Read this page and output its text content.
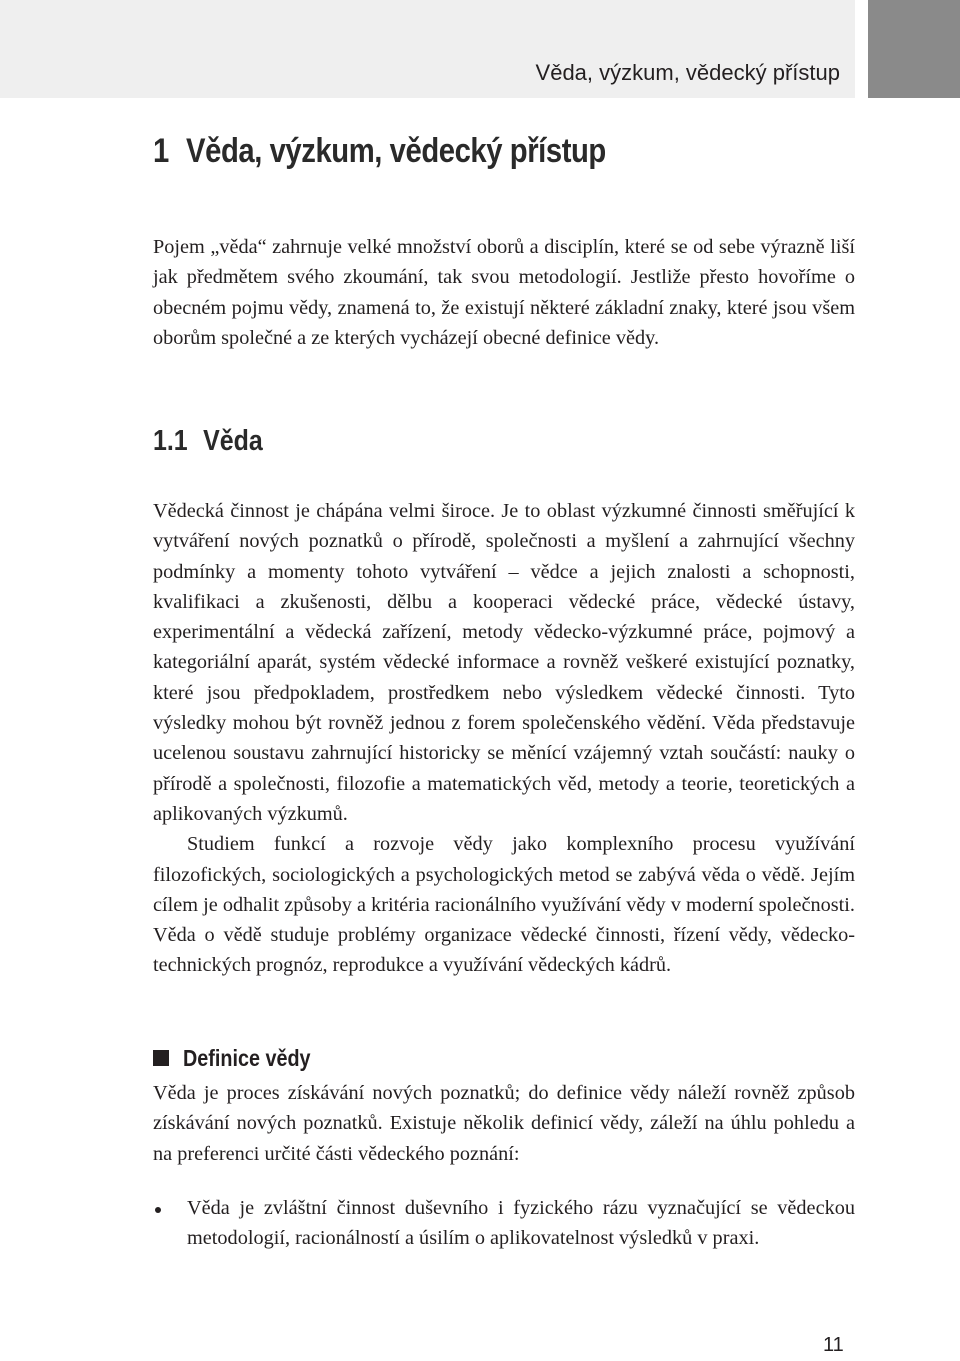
Věda, výzkum, vědecký přístup
1 Věda, výzkum, vědecký přístup

Pojem „věda“ zahrnuje velké množství oborů a disciplín, které se od sebe výrazně liší jak předmětem svého zkoumání, tak svou metodologií. Jestliže přesto hovoříme o obecném pojmu vědy, znamená to, že existují některé základní znaky, které jsou všem oborům společné a ze kterých vycházejí obecné definice vědy.

1.1 Věda

Vědecká činnost je chápána velmi široce. Je to oblast výzkumné činnosti směřující k vytváření nových poznatků o přírodě, společnosti a myšlení a zahrnující všechny podmínky a momenty tohoto vytváření – vědce a jejich znalosti a schopnosti, kvalifikaci a zkušenosti, dělbu a kooperaci vědecké práce, vědecké ústavy, experimentální a vědecká zařízení, metody vědecko-výzkumné práce, pojmový a kategoriální aparát, systém vědecké informace a rovněž veškeré existující poznatky, které jsou předpokladem, prostředkem nebo výsledkem vědecké činnosti. Tyto výsledky mohou být rovněž jednou z forem společenského vědění. Věda představuje ucelenou soustavu zahrnující historicky se měnící vzájemný vztah součástí: nauky o přírodě a společnosti, filozofie a matematických věd, metody a teorie, teoretických a aplikovaných výzkumů.

Studiem funkcí a rozvoje vědy jako komplexního procesu využívání filozofických, sociologických a psychologických metod se zabývá věda o vědě. Jejím cílem je odhalit způsoby a kritéria racionálního využívání vědy v moderní společnosti. Věda o vědě studuje problémy organizace vědecké činnosti, řízení vědy, vědecko-technických prognóz, reprodukce a využívání vědeckých kádrů.

Definice vědy

Věda je proces získávání nových poznatků; do definice vědy náleží rovněž způsob získávání nových poznatků. Existuje několik definicí vědy, záleží na úhlu pohledu a na preferenci určité části vědeckého poznání:

Věda je zvláštní činnost duševního i fyzického rázu vyznačující se vědeckou metodologií, racionálností a úsilím o aplikovatelnost výsledků v praxi.
11
